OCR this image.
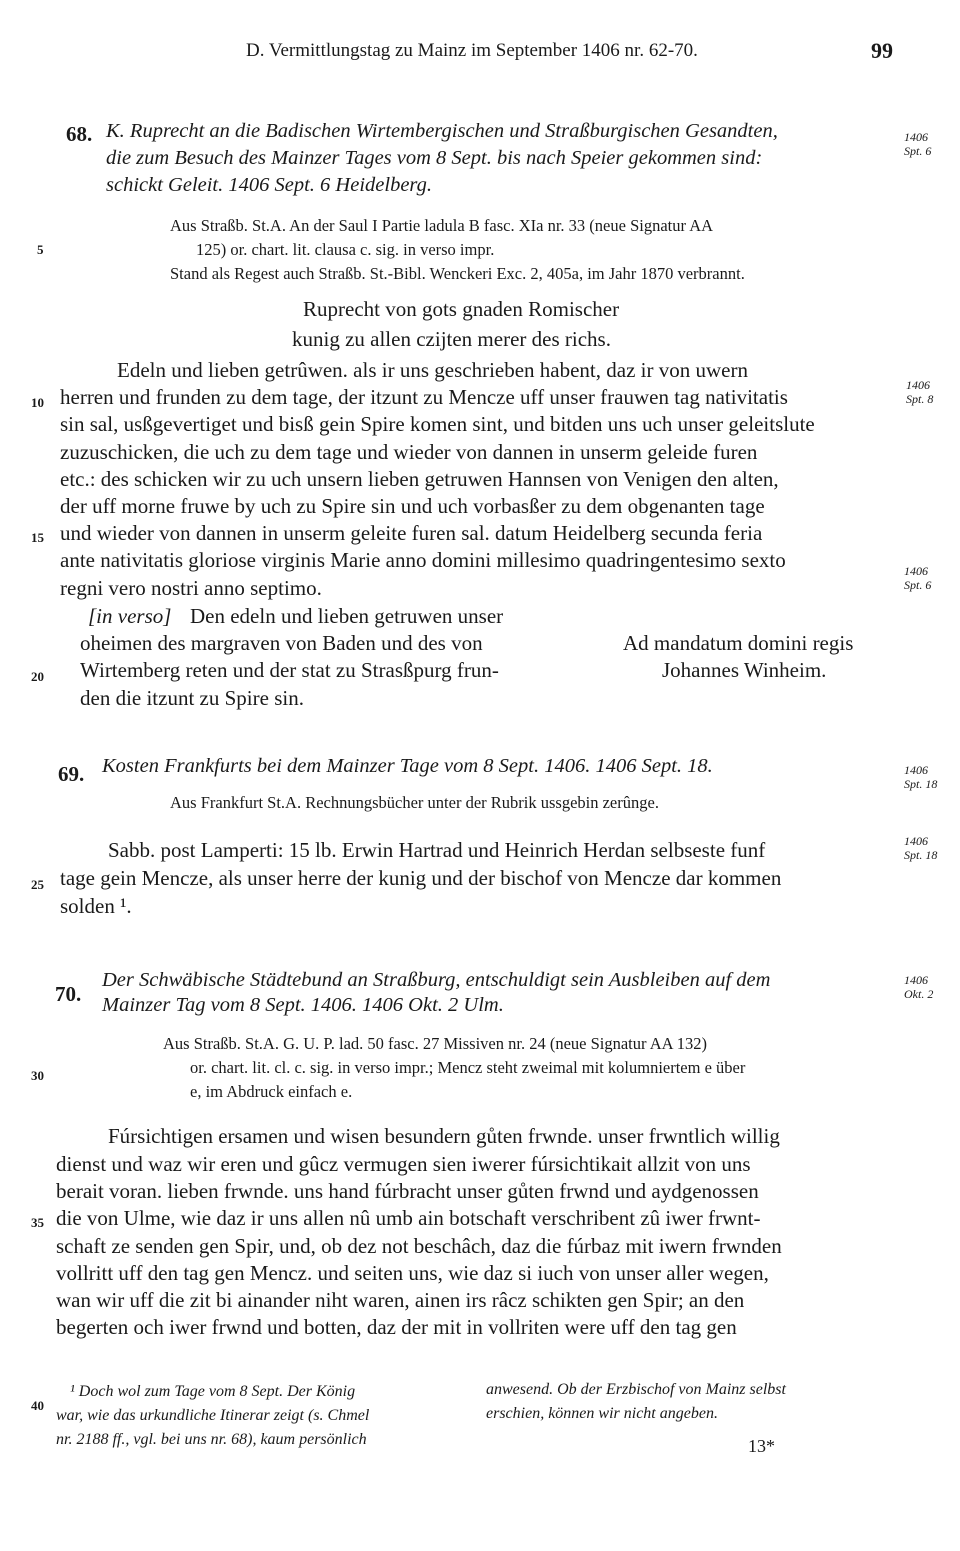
D. Vermittlungstag zu Mainz im September 1406 nr. 62-70.	99
5
10
15
20
25
30
35
40
68. K. Ruprecht an die Badischen Wirtembergischen und Straßburgischen Gesandten,
die zum Besuch des Mainzer Tages vom 8 Sept. bis nach Speier gekommen sind:
schickt Geleit. 1406 Sept. 6 Heidelberg.
1406
Spt. 6
Aus Straßb. St.A. An der Saul I Partie ladula B fasc. XIa nr. 33 (neue Signatur AA
125) or. chart. lit. clausa c. sig. in verso impr.
Stand als Regest auch Straßb. St.-Bibl. Wenckeri Exc. 2, 405a, im Jahr 1870 verbrannt.
Ruprecht von gots gnaden Romischer
kunig zu allen czijten merer des richs.
Edeln und lieben getrûwen. als ir uns geschrieben habent, daz ir von uwern
herren und frunden zu dem tage, der itzunt zu Mencze uff unser frauwen tag nativitatis
sin sal, usßgevertiget und bisß gein Spire komen sint, und bitden uns uch unser geleitslute
zuzuschicken, die uch zu dem tage und wieder von dannen in unserm geleide furen
etc.: des schicken wir zu uch unsern lieben getruwen Hannsen von Venigen den alten,
der uff morne fruwe by uch zu Spire sin und uch vorbasßer zu dem obgenanten tage
und wieder von dannen in unserm geleite furen sal. datum Heidelberg secunda feria
ante nativitatis gloriose virginis Marie anno domini millesimo quadringentesimo sexto
regni vero nostri anno septimo.
1406
Spt. 8
1406
Spt. 6
[in verso] Den edeln und lieben getruwen unser
oheimen des margraven von Baden und des von
Wirtemberg reten und der stat zu Strasßpurg frun-
den die itzunt zu Spire sin.
Ad mandatum domini regis
Johannes Winheim.
69. Kosten Frankfurts bei dem Mainzer Tage vom 8 Sept. 1406. 1406 Sept. 18.	1406
Spt. 18
Aus Frankfurt St.A. Rechnungsbücher unter der Rubrik ussgebin zerûnge.
Sabb. post Lamperti: 15 lb. Erwin Hartrad und Heinrich Herdan selbseste funf
tage gein Mencze, als unser herre der kunig und der bischof von Mencze dar kommen
solden ¹.
1406
Spt. 18
70.
Der Schwäbische Städtebund an Straßburg, entschuldigt sein Ausbleiben auf dem
Mainzer Tag vom 8 Sept. 1406. 1406 Okt. 2 Ulm.
1406
Okt. 2
Aus Straßb. St.A. G. U. P. lad. 50 fasc. 27 Missiven nr. 24 (neue Signatur AA 132)
or. chart. lit. cl. c. sig. in verso impr.; Mencz steht zweimal mit kolumniertem e über
e, im Abdruck einfach e.
Fúrsichtigen ersamen und wisen besundern gůten frwnde. unser frwntlich willig
dienst und waz wir eren und gûcz vermugen sien iwerer fúrsichtikait allzit von uns
berait voran. lieben frwnde. uns hand fúrbracht unser gůten frwnd und aydgenossen
die von Ulme, wie daz ir uns allen nû umb ain botschaft verschribent zû iwer frwnt-
schaft ze senden gen Spir, und, ob dez not beschâch, daz die fúrbaz mit iwern frwnden
vollritt uff den tag gen Mencz. und seiten uns, wie daz si iuch von unser aller wegen,
wan wir uff die zit bi ainander niht waren, ainen irs râcz schikten gen Spir; an den
begerten och iwer frwnd und botten, daz der mit in vollriten were uff den tag gen
¹ Doch wol zum Tage vom 8 Sept. Der König
war, wie das urkundliche Itinerar zeigt (s. Chmel
nr. 2188 ff., vgl. bei uns nr. 68), kaum persönlich
anwesend. Ob der Erzbischof von Mainz selbst
erschien, können wir nicht angeben.
13*
